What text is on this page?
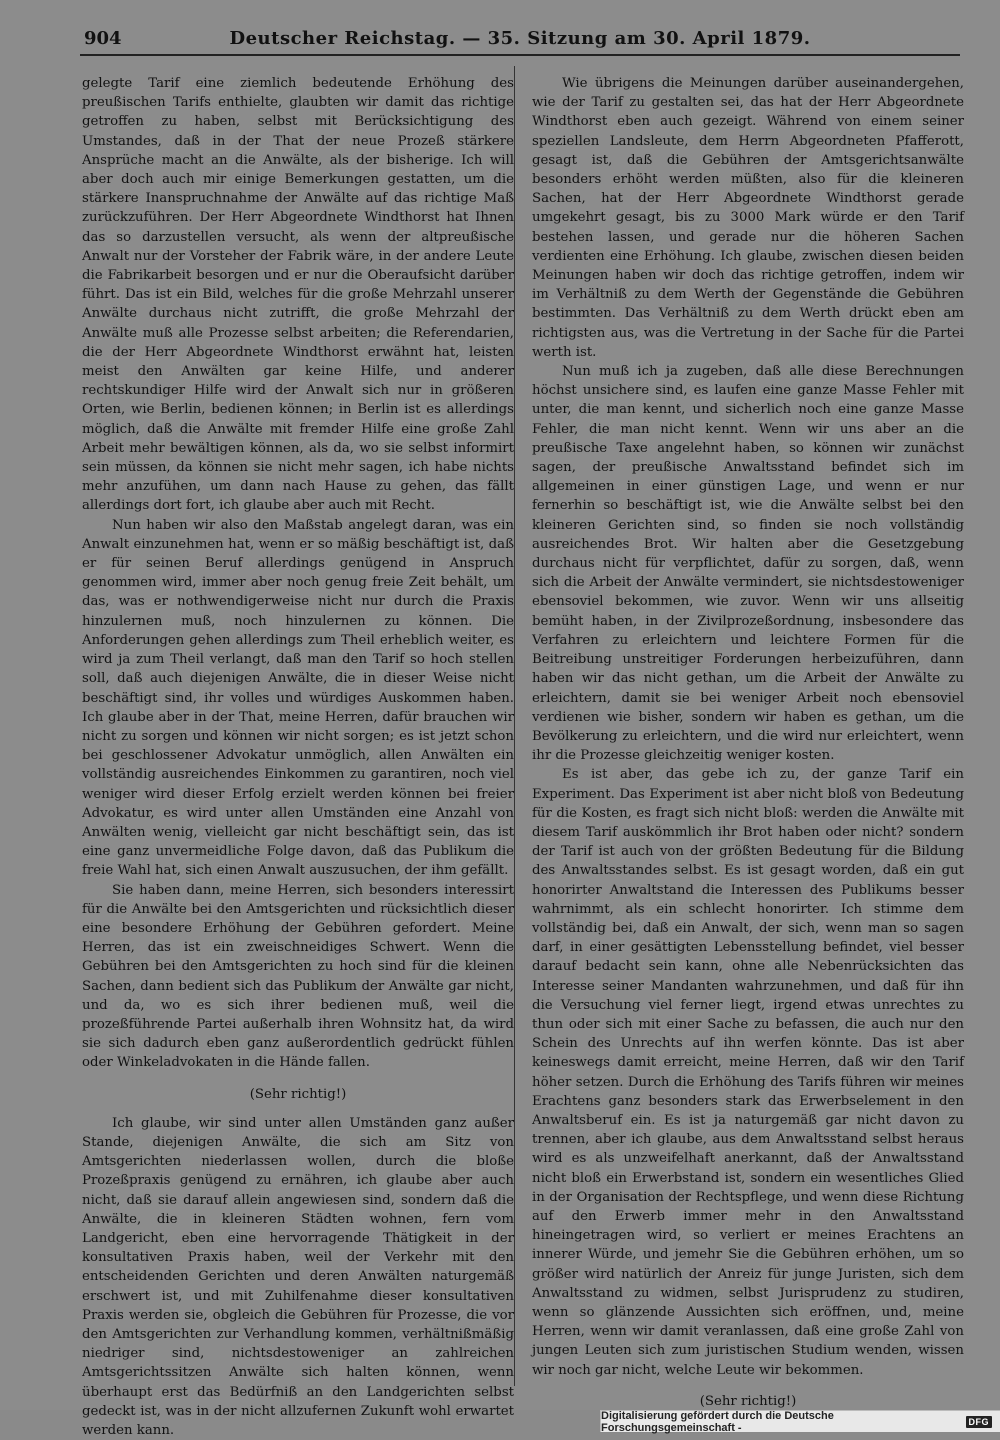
904	Deutscher Reichstag. — 35. Sitzung am 30. April 1879.

gelegte Tarif eine ziemlich bedeutende Erhöhung des preußischen Tarifs enthielte, glaubten wir damit das richtige getroffen zu haben, selbst mit Berücksichtigung des Umstandes, daß in der That der neue Prozeß stärkere Ansprüche macht an die Anwälte, als der bisherige. Ich will aber doch auch mir einige Bemerkungen gestatten, um die stärkere Inanspruchnahme der Anwälte auf das richtige Maß zurückzuführen. Der Herr Abgeordnete Windthorst hat Ihnen das so darzustellen versucht, als wenn der altpreußische Anwalt nur der Vorsteher der Fabrik wäre, in der andere Leute die Fabrikarbeit besorgen und er nur die Oberaufsicht darüber führt. Das ist ein Bild, welches für die große Mehrzahl unserer Anwälte durchaus nicht zutrifft, die große Mehrzahl der Anwälte muß alle Prozesse selbst arbeiten; die Referendarien, die der Herr Abgeordnete Windthorst erwähnt hat, leisten meist den Anwälten gar keine Hilfe, und anderer rechtskundiger Hilfe wird der Anwalt sich nur in größeren Orten, wie Berlin, bedienen können; in Berlin ist es allerdings möglich, daß die Anwälte mit fremder Hilfe eine große Zahl Arbeit mehr bewältigen können, als da, wo sie selbst informirt sein müssen, da können sie nicht mehr sagen, ich habe nichts mehr anzufühen, um dann nach Hause zu gehen, das fällt allerdings dort fort, ich glaube aber auch mit Recht.

Nun haben wir also den Maßstab angelegt daran, was ein Anwalt einzunehmen hat, wenn er so mäßig beschäftigt ist, daß er für seinen Beruf allerdings genügend in Anspruch genommen wird, immer aber noch genug freie Zeit behält, um das, was er nothwendigerweise nicht nur durch die Praxis hinzulernen muß, noch hinzulernen zu können. Die Anforderungen gehen allerdings zum Theil erheblich weiter, es wird ja zum Theil verlangt, daß man den Tarif so hoch stellen soll, daß auch diejenigen Anwälte, die in dieser Weise nicht beschäftigt sind, ihr volles und würdiges Auskommen haben. Ich glaube aber in der That, meine Herren, dafür brauchen wir nicht zu sorgen und können wir nicht sorgen; es ist jetzt schon bei geschlossener Advokatur unmöglich, allen Anwälten ein vollständig ausreichendes Einkommen zu garantiren, noch viel weniger wird dieser Erfolg erzielt werden können bei freier Advokatur, es wird unter allen Umständen eine Anzahl von Anwälten wenig, vielleicht gar nicht beschäftigt sein, das ist eine ganz unvermeidliche Folge davon, daß das Publikum die freie Wahl hat, sich einen Anwalt auszusuchen, der ihm gefällt.

Sie haben dann, meine Herren, sich besonders interessirt für die Anwälte bei den Amtsgerichten und rücksichtlich dieser eine besondere Erhöhung der Gebühren gefordert. Meine Herren, das ist ein zweischneidiges Schwert. Wenn die Gebühren bei den Amtsgerichten zu hoch sind für die kleinen Sachen, dann bedient sich das Publikum der Anwälte gar nicht, und da, wo es sich ihrer bedienen muß, weil die prozeßführende Partei außerhalb ihren Wohnsitz hat, da wird sie sich dadurch eben ganz außerordentlich gedrückt fühlen oder Winkeladvokaten in die Hände fallen.

(Sehr richtig!)

Ich glaube, wir sind unter allen Umständen ganz außer Stande, diejenigen Anwälte, die sich am Sitz von Amtsgerichten niederlassen wollen, durch die bloße Prozeßpraxis genügend zu ernähren, ich glaube aber auch nicht, daß sie darauf allein angewiesen sind, sondern daß die Anwälte, die in kleineren Städten wohnen, fern vom Landgericht, eben eine hervorragende Thätigkeit in der konsultativen Praxis haben, weil der Verkehr mit den entscheidenden Gerichten und deren Anwälten naturgemäß erschwert ist, und mit Zuhilfenahme dieser konsultativen Praxis werden sie, obgleich die Gebühren für Prozesse, die vor den Amtsgerichten zur Verhandlung kommen, verhältnißmäßig niedriger sind, nichtsdestoweniger an zahlreichen Amtsgerichtssitzen Anwälte sich halten können, wenn überhaupt erst das Bedürfniß an den Landgerichten selbst gedeckt ist, was in der nicht allzufernen Zukunft wohl erwartet werden kann.

Wie übrigens die Meinungen darüber auseinandergehen, wie der Tarif zu gestalten sei, das hat der Herr Abgeordnete Windthorst eben auch gezeigt. Während von einem seiner speziellen Landsleute, dem Herrn Abgeordneten Pfafferott, gesagt ist, daß die Gebühren der Amtsgerichtsanwälte besonders erhöht werden müßten, also für die kleineren Sachen, hat der Herr Abgeordnete Windthorst gerade umgekehrt gesagt, bis zu 3000 Mark würde er den Tarif bestehen lassen, und gerade nur die höheren Sachen verdienten eine Erhöhung. Ich glaube, zwischen diesen beiden Meinungen haben wir doch das richtige getroffen, indem wir im Verhältniß zu dem Werth der Gegenstände die Gebühren bestimmten. Das Verhältniß zu dem Werth drückt eben am richtigsten aus, was die Vertretung in der Sache für die Partei werth ist.

Nun muß ich ja zugeben, daß alle diese Berechnungen höchst unsichere sind, es laufen eine ganze Masse Fehler mit unter, die man kennt, und sicherlich noch eine ganze Masse Fehler, die man nicht kennt. Wenn wir uns aber an die preußische Taxe angelehnt haben, so können wir zunächst sagen, der preußische Anwaltsstand befindet sich im allgemeinen in einer günstigen Lage, und wenn er nur fernerhin so beschäftigt ist, wie die Anwälte selbst bei den kleineren Gerichten sind, so finden sie noch vollständig ausreichendes Brot. Wir halten aber die Gesetzgebung durchaus nicht für verpflichtet, dafür zu sorgen, daß, wenn sich die Arbeit der Anwälte vermindert, sie nichtsdestoweniger ebensoviel bekommen, wie zuvor. Wenn wir uns allseitig bemüht haben, in der Zivilprozeßordnung, insbesondere das Verfahren zu erleichtern und leichtere Formen für die Beitreibung unstreitiger Forderungen herbeizuführen, dann haben wir das nicht gethan, um die Arbeit der Anwälte zu erleichtern, damit sie bei weniger Arbeit noch ebensoviel verdienen wie bisher, sondern wir haben es gethan, um die Bevölkerung zu erleichtern, und die wird nur erleichtert, wenn ihr die Prozesse gleichzeitig weniger kosten.

Es ist aber, das gebe ich zu, der ganze Tarif ein Experiment. Das Experiment ist aber nicht bloß von Bedeutung für die Kosten, es fragt sich nicht bloß: werden die Anwälte mit diesem Tarif auskömmlich ihr Brot haben oder nicht? sondern der Tarif ist auch von der größten Bedeutung für die Bildung des Anwaltsstandes selbst. Es ist gesagt worden, daß ein gut honorirter Anwaltstand die Interessen des Publikums besser wahrnimmt, als ein schlecht honorirter. Ich stimme dem vollständig bei, daß ein Anwalt, der sich, wenn man so sagen darf, in einer gesättigten Lebensstellung befindet, viel besser darauf bedacht sein kann, ohne alle Nebenrücksichten das Interesse seiner Mandanten wahrzunehmen, und daß für ihn die Versuchung viel ferner liegt, irgend etwas unrechtes zu thun oder sich mit einer Sache zu befassen, die auch nur den Schein des Unrechts auf ihn werfen könnte. Das ist aber keineswegs damit erreicht, meine Herren, daß wir den Tarif höher setzen. Durch die Erhöhung des Tarifs führen wir meines Erachtens ganz besonders stark das Erwerbselement in den Anwaltsberuf ein. Es ist ja naturgemäß gar nicht davon zu trennen, aber ich glaube, aus dem Anwaltsstand selbst heraus wird es als unzweifelhaft anerkannt, daß der Anwaltsstand nicht bloß ein Erwerbstand ist, sondern ein wesentliches Glied in der Organisation der Rechtspflege, und wenn diese Richtung auf den Erwerb immer mehr in den Anwaltsstand hineingetragen wird, so verliert er meines Erachtens an innerer Würde, und jemehr Sie die Gebühren erhöhen, um so größer wird natürlich der Anreiz für junge Juristen, sich dem Anwaltsstand zu widmen, selbst Jurisprudenz zu studiren, wenn so glänzende Aussichten sich eröffnen, und, meine Herren, wenn wir damit veranlassen, daß eine große Zahl von jungen Leuten sich zum juristischen Studium wenden, wissen wir noch gar nicht, welche Leute wir bekommen.

(Sehr richtig!)

Digitalisierung gefördert durch die Deutsche Forschungsgemeinschaft -	DFG
